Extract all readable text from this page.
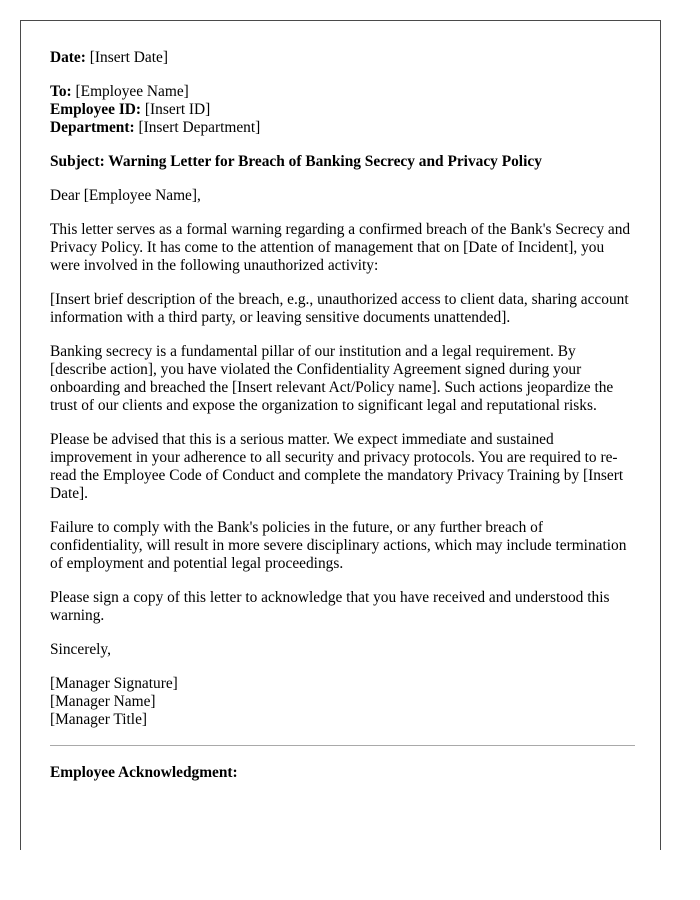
Date: [Insert Date]
To: [Employee Name]
Employee ID: [Insert ID]
Department: [Insert Department]
Subject: Warning Letter for Breach of Banking Secrecy and Privacy Policy

Dear [Employee Name],

This letter serves as a formal warning regarding a confirmed breach of the Bank's Secrecy and Privacy Policy. It has come to the attention of management that on [Date of Incident], you were involved in the following unauthorized activity:

[Insert brief description of the breach, e.g., unauthorized access to client data, sharing account information with a third party, or leaving sensitive documents unattended].

Banking secrecy is a fundamental pillar of our institution and a legal requirement. By [describe action], you have violated the Confidentiality Agreement signed during your onboarding and breached the [Insert relevant Act/Policy name]. Such actions jeopardize the trust of our clients and expose the organization to significant legal and reputational risks.

Please be advised that this is a serious matter. We expect immediate and sustained improvement in your adherence to all security and privacy protocols. You are required to re-read the Employee Code of Conduct and complete the mandatory Privacy Training by [Insert Date].

Failure to comply with the Bank's policies in the future, or any further breach of confidentiality, will result in more severe disciplinary actions, which may include termination of employment and potential legal proceedings.

Please sign a copy of this letter to acknowledge that you have received and understood this warning.

Sincerely,

[Manager Signature]
[Manager Name]
[Manager Title]
Employee Acknowledgment:
